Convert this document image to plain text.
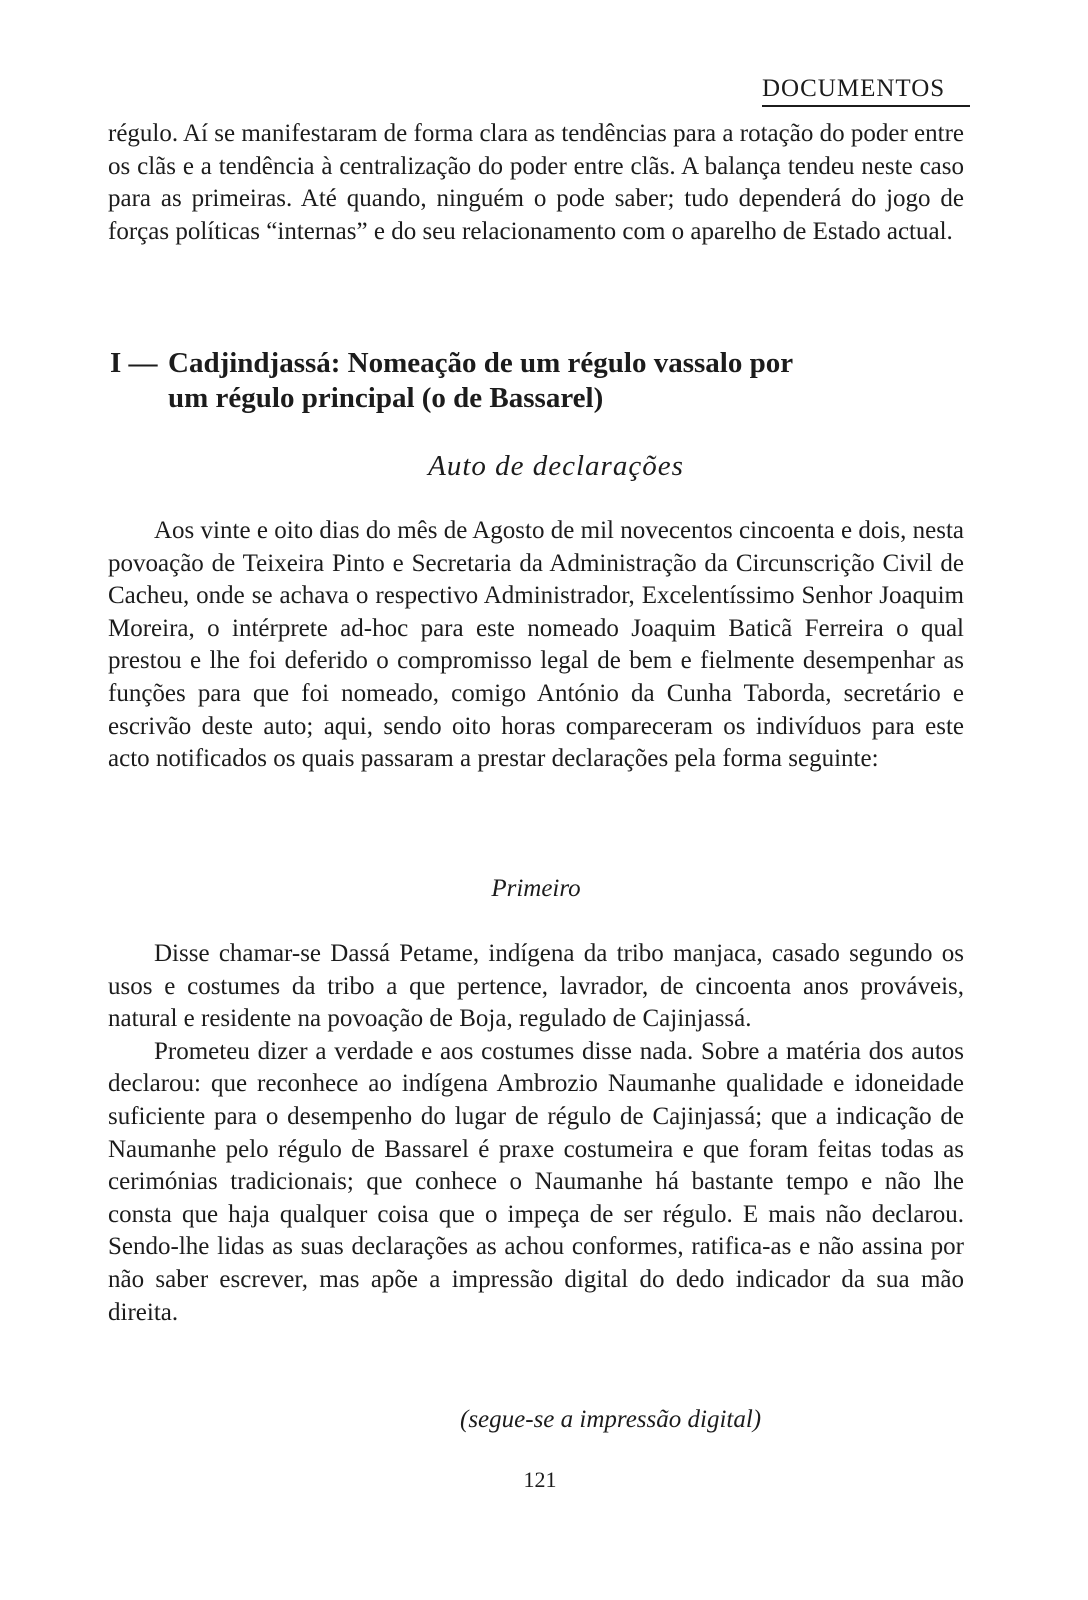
DOCUMENTOS

régulo. Aí se manifestaram de forma clara as tendências para a rotação do poder entre os clãs e a tendência à centralização do poder entre clãs. A balança tendeu neste caso para as primeiras. Até quando, ninguém o pode saber; tudo dependerá do jogo de forças políticas “internas” e do seu relacionamento com o aparelho de Estado actual.

I — Cadjindjassá: Nomeação de um régulo vassalo por
um régulo principal (o de Bassarel)
Auto de declarações

Aos vinte e oito dias do mês de Agosto de mil novecentos cincoenta e dois, nesta povoação de Teixeira Pinto e Secretaria da Administração da Circunscrição Civil de Cacheu, onde se achava o respectivo Administrador, Excelentíssimo Senhor Joaquim Moreira, o intérprete ad-hoc para este nomeado Joaquim Baticã Ferreira o qual prestou e lhe foi deferido o compromisso legal de bem e fielmente desempenhar as funções para que foi nomeado, comigo António da Cunha Taborda, secretário e escrivão deste auto; aqui, sendo oito horas compareceram os indivíduos para este acto notificados os quais passaram a prestar declarações pela forma seguinte:

Primeiro

Disse chamar-se Dassá Petame, indígena da tribo manjaca, casado segundo os usos e costumes da tribo a que pertence, lavrador, de cincoenta anos prováveis, natural e residente na povoação de Boja, regulado de Cajinjassá.

Prometeu dizer a verdade e aos costumes disse nada. Sobre a matéria dos autos declarou: que reconhece ao indígena Ambrozio Naumanhe qualidade e idoneidade suficiente para o desempenho do lugar de régulo de Cajinjassá; que a indicação de Naumanhe pelo régulo de Bassarel é praxe costumeira e que foram feitas todas as cerimónias tradicionais; que conhece o Naumanhe há bastante tempo e não lhe consta que haja qualquer coisa que o impeça de ser régulo. E mais não declarou. Sendo-lhe lidas as suas declarações as achou conformes, ratifica-as e não assina por não saber escrever, mas apõe a impressão digital do dedo indicador da sua mão direita.

(segue-se a impressão digital)
121
